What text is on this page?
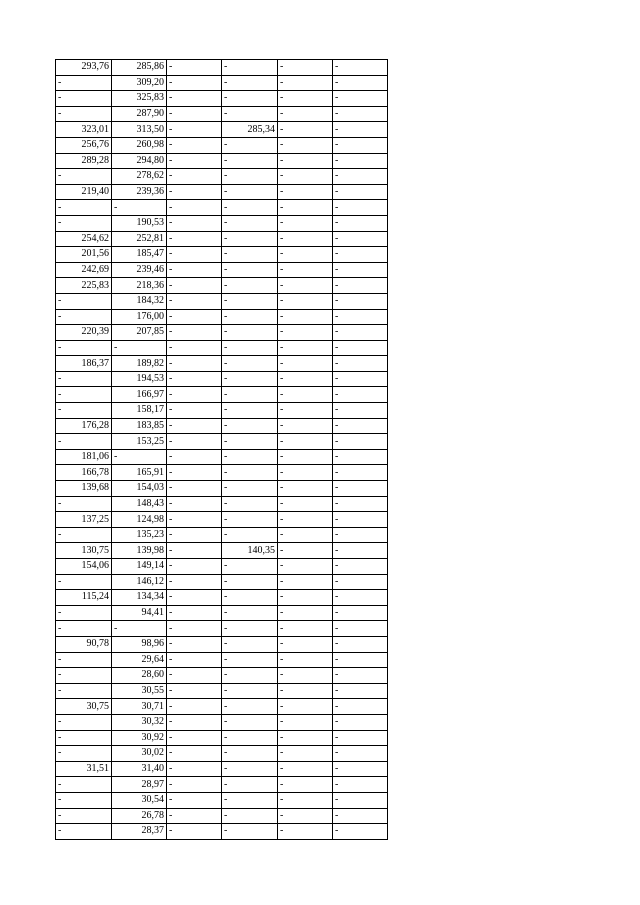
293,76	285,86	-	-	-	-
-	309,20	-	-	-	-
-	325,83	-	-	-	-
-	287,90	-	-	-	-
323,01	313,50	-	285,34	-	-
256,76	260,98	-	-	-	-
289,28	294,80	-	-	-	-
-	278,62	-	-	-	-
219,40	239,36	-	-	-	-
-	-	-	-	-	-
-	190,53	-	-	-	-
254,62	252,81	-	-	-	-
201,56	185,47	-	-	-	-
242,69	239,46	-	-	-	-
225,83	218,36	-	-	-	-
-	184,32	-	-	-	-
-	176,00	-	-	-	-
220,39	207,85	-	-	-	-
-	-	-	-	-	-
186,37	189,82	-	-	-	-
-	194,53	-	-	-	-
-	166,97	-	-	-	-
-	158,17	-	-	-	-
176,28	183,85	-	-	-	-
-	153,25	-	-	-	-
181,06	-	-	-	-	-
166,78	165,91	-	-	-	-
139,68	154,03	-	-	-	-
-	148,43	-	-	-	-
137,25	124,98	-	-	-	-
-	135,23	-	-	-	-
130,75	139,98	-	140,35	-	-
154,06	149,14	-	-	-	-
-	146,12	-	-	-	-
115,24	134,34	-	-	-	-
-	94,41	-	-	-	-
-	-	-	-	-	-
90,78	98,96	-	-	-	-
-	29,64	-	-	-	-
-	28,60	-	-	-	-
-	30,55	-	-	-	-
30,75	30,71	-	-	-	-
-	30,32	-	-	-	-
-	30,92	-	-	-	-
-	30,02	-	-	-	-
31,51	31,40	-	-	-	-
-	28,97	-	-	-	-
-	30,54	-	-	-	-
-	26,78	-	-	-	-
-	28,37	-	-	-	-
